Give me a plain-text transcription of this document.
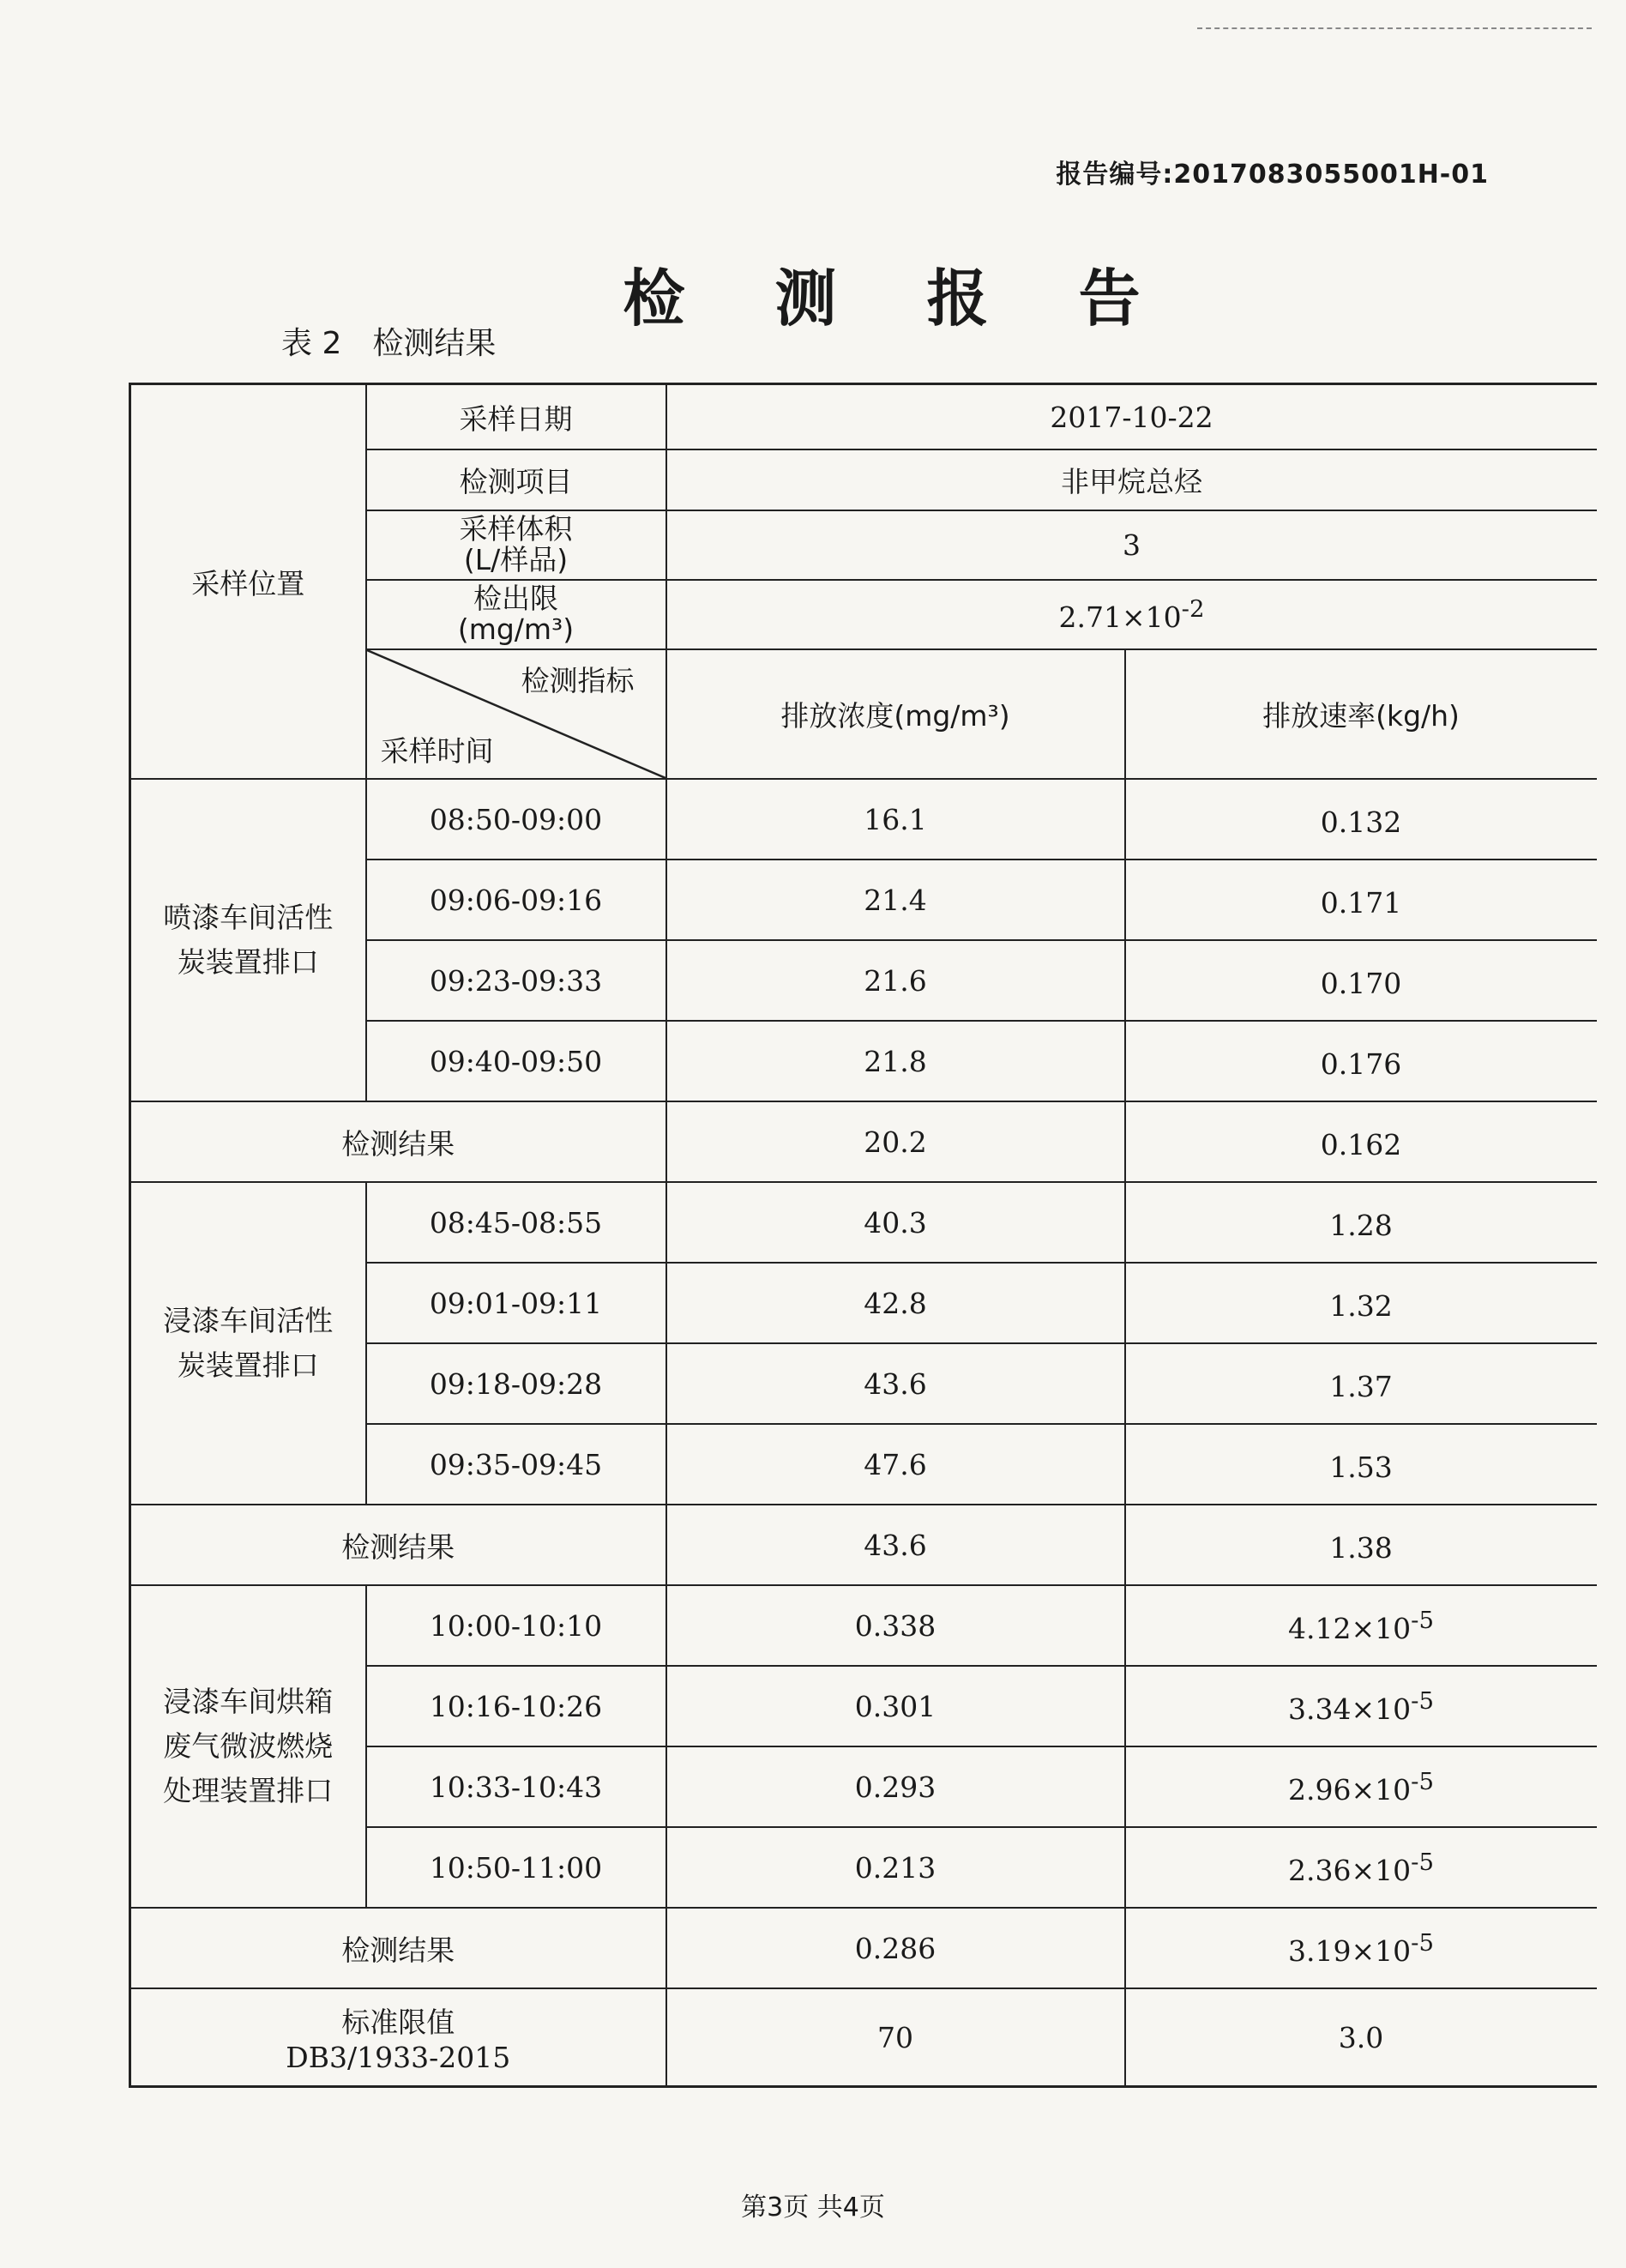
报告编号:2017083055001H-01
检 测 报 告
表 2 检测结果
采样位置	采样日期	2017-10-22	
	检测项目	非甲烷总烃	

	采样体积
(L/样品)	3	

	检出限
(mg/m³)	$2.71\times 10^{-2}$

	检测指标
采样时间	排放浓度(mg/m³)	排放速率(kg/h)

喷漆车间活性
炭装置排口	08:50-09:00	16.1	0.132
	09:06-09:16	21.4	0.171
	09:23-09:33	21.6	0.170
	09:40-09:50	21.8	0.176
检测结果		20.2	0.162

浸漆车间活性
炭装置排口	08:45-08:55	40.3	1.28
	09:01-09:11	42.8	1.32
	09:18-09:28	43.6	1.37
	09:35-09:45	47.6	1.53
检测结果		43.6	1.38

浸漆车间烘箱
废气微波燃烧
处理装置排口	10:00-10:10	0.338	$4.12\times 10^{-5}$
	10:16-10:26	0.301	$3.34\times 10^{-5}$
	10:33-10:43	0.293	$2.96\times 10^{-5}$
	10:50-11:00	0.213	$2.36\times 10^{-5}$
检测结果		0.286	$3.19\times 10^{-5}$

标准限值
DB3/1933-2015		70	3.0
第3页 共4页
